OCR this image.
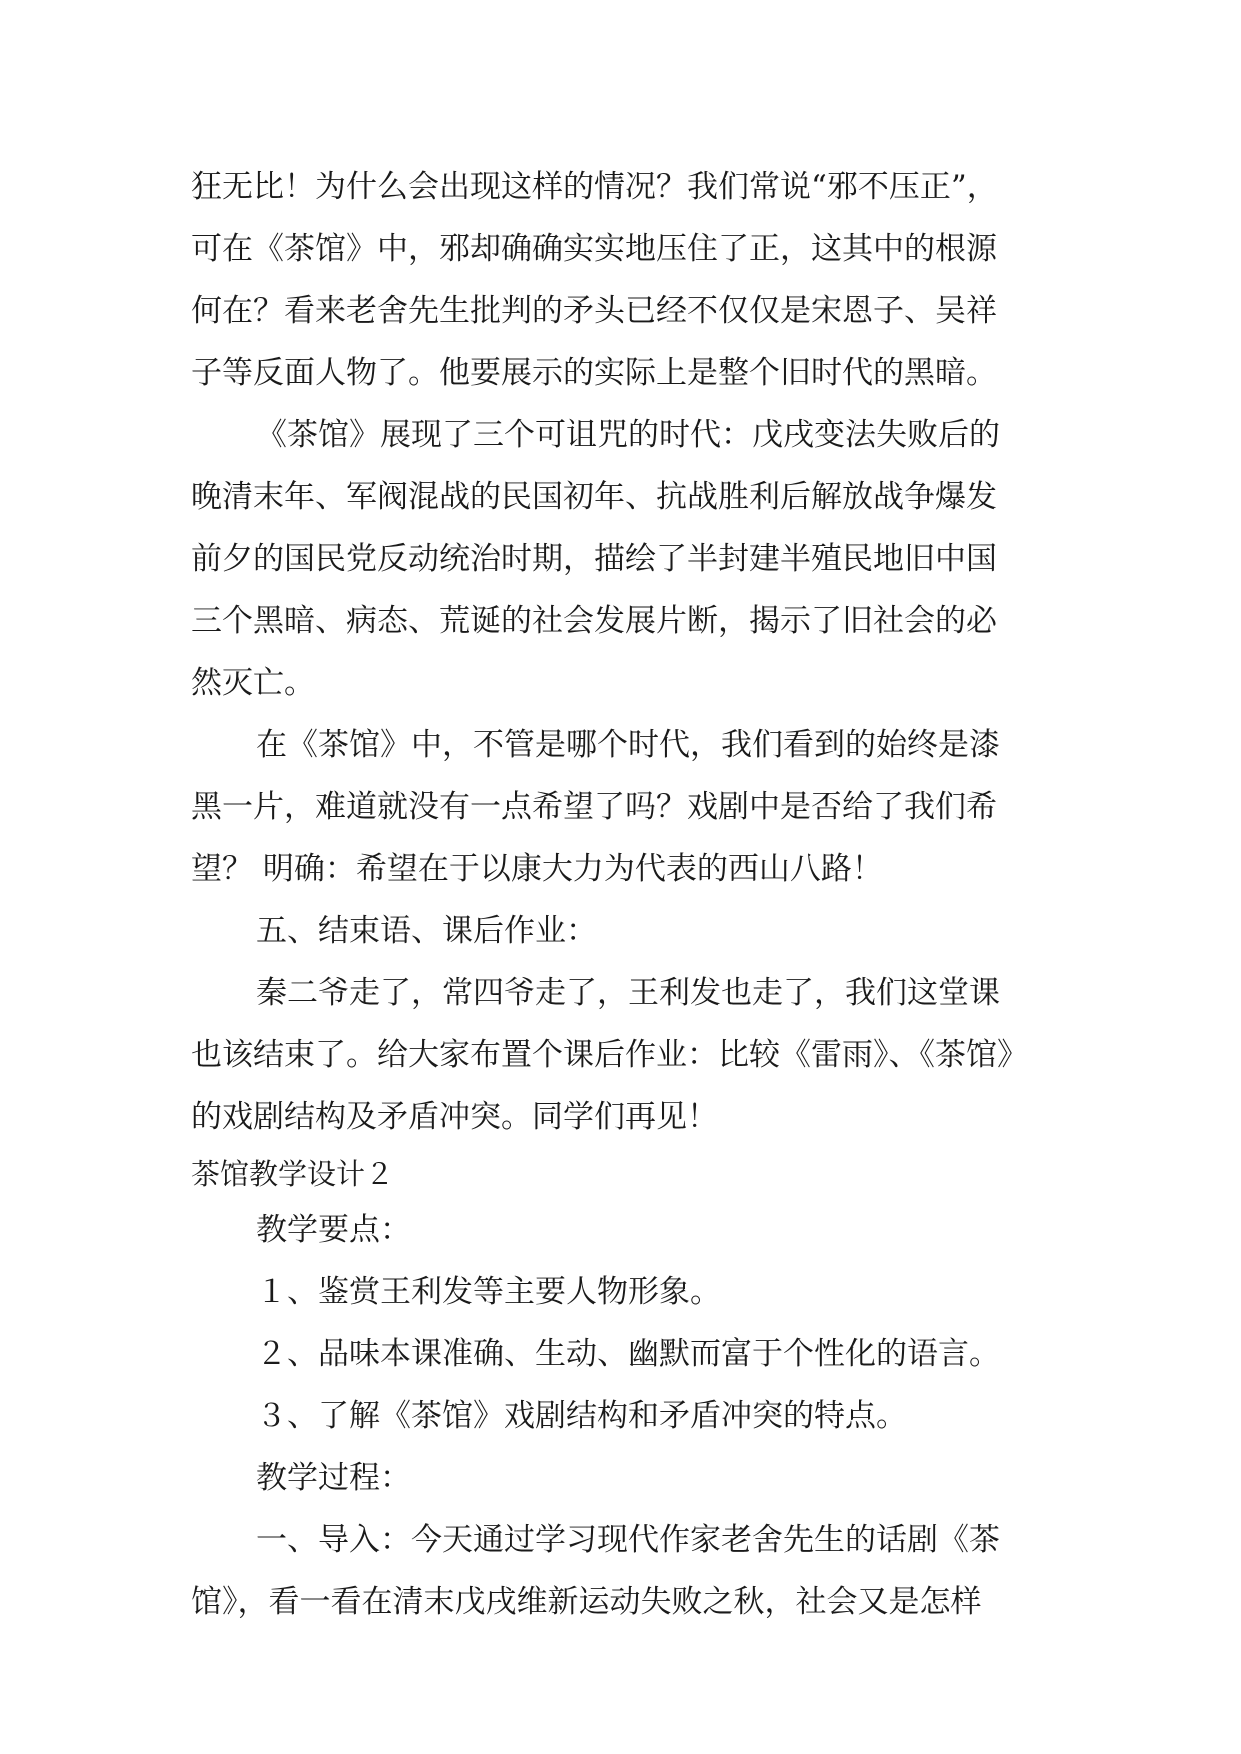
狂无比！为什么会出现这样的情况？我们常说“邪不压正”，
可在《茶馆》中，邪却确确实实地压住了正，这其中的根源
何在？看来老舍先生批判的矛头已经不仅仅是宋恩子、吴祥
子等反面人物了。他要展示的实际上是整个旧时代的黑暗。
《茶馆》展现了三个可诅咒的时代：戊戌变法失败后的
晚清末年、军阀混战的民国初年、抗战胜利后解放战争爆发
前夕的国民党反动统治时期，描绘了半封建半殖民地旧中国
三个黑暗、病态、荒诞的社会发展片断，揭示了旧社会的必
然灭亡。
在《茶馆》中，不管是哪个时代，我们看到的始终是漆
黑一片，难道就没有一点希望了吗？戏剧中是否给了我们希
望？ 明确：希望在于以康大力为代表的西山八路！
五、结束语、课后作业：
秦二爷走了，常四爷走了，王利发也走了，我们这堂课
也该结束了。给大家布置个课后作业：比较《雷雨》、《茶馆》
的戏剧结构及矛盾冲突。同学们再见！
茶馆教学设计２
教学要点：
１、鉴赏王利发等主要人物形象。
２、品味本课准确、生动、幽默而富于个性化的语言。
３、了解《茶馆》戏剧结构和矛盾冲突的特点。
教学过程：
一、导入：今天通过学习现代作家老舍先生的话剧《茶
馆》，看一看在清末戊戌维新运动失败之秋，社会又是怎样
